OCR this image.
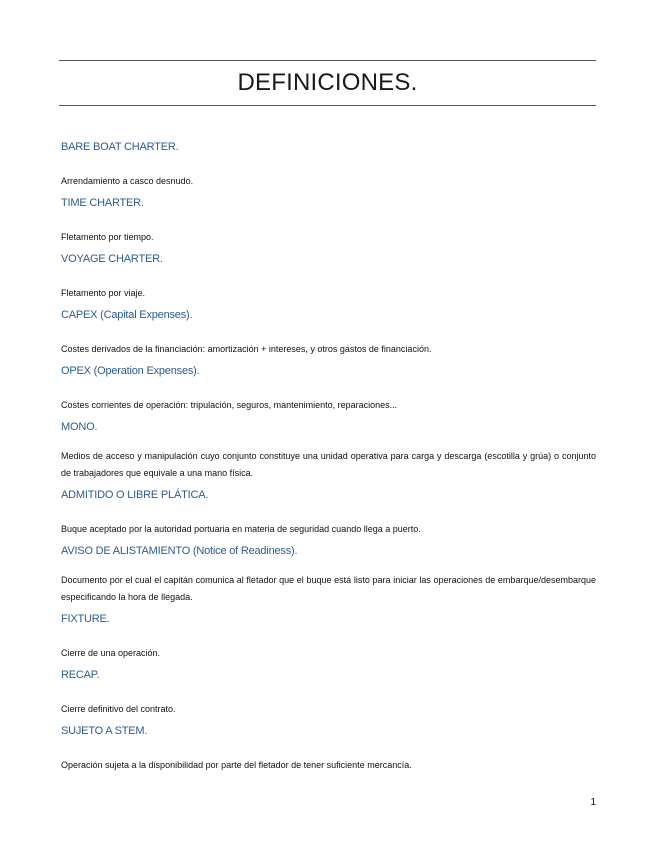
DEFINICIONES.

BARE BOAT CHARTER.

Arrendamiento a casco desnudo.

TIME CHARTER.

Fletamento por tiempo.

VOYAGE CHARTER.

Fletamento por viaje.

CAPEX (Capital Expenses).

Costes derivados de la financiación: amortización + intereses, y otros gastos de financiación.

OPEX (Operation Expenses).

Costes corrientes de operación: tripulación, seguros, mantenimiento, reparaciones...

MONO.

Medios de acceso y manipulación cuyo conjunto constituye una unidad operativa para carga y descarga (escotilla y grúa) o conjunto de trabajadores que equivale a una mano física.

ADMITIDO O LIBRE PLÁTICA.

Buque aceptado por la autoridad portuaria en materia de seguridad cuando llega a puerto.

AVISO DE ALISTAMIENTO (Notice of Readiness).

Documento por el cual el capitán comunica al fletador que el buque está listo para iniciar las operaciones de embarque/desembarque especificando la hora de llegada.

FIXTURE.

Cierre de una operación.

RECAP.

Cierre definitivo del contrato.

SUJETO A STEM.

Operación sujeta a la disponibilidad por parte del fletador de tener suficiente mercancía.

1
